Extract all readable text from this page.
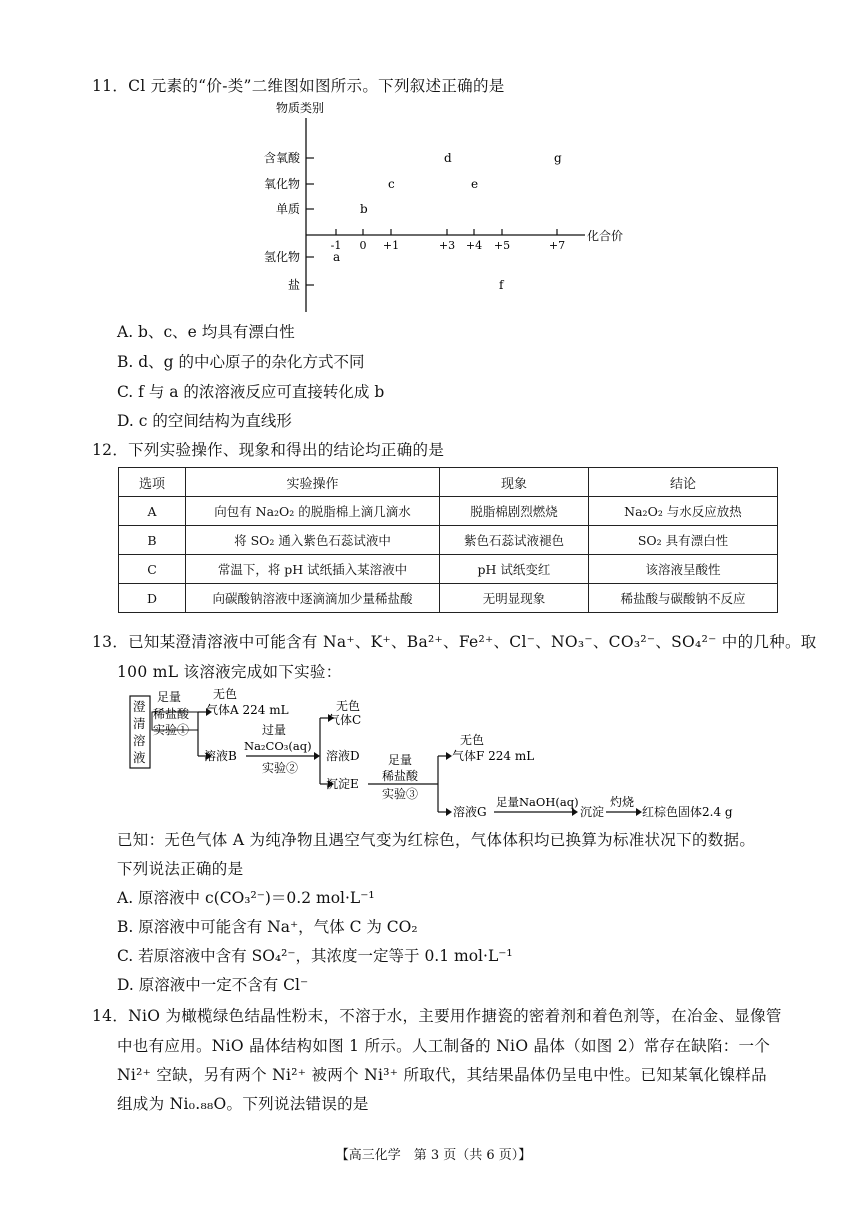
11．Cl 元素的“价-类”二维图如图所示。下列叙述正确的是
物质类别
化合价
含氧酸
氧化物
单质
氢化物
盐
-1 0 +1	+3 +4 +5	+7
a
b
c
d
e
f
g
A. b、c、e 均具有漂白性
B. d、g 的中心原子的杂化方式不同
C. f 与 a 的浓溶液反应可直接转化成 b
D. c 的空间结构为直线形
12．下列实验操作、现象和得出的结论均正确的是
选项	实验操作	现象	结论
A	向包有 Na₂O₂ 的脱脂棉上滴几滴水	脱脂棉剧烈燃烧	Na₂O₂ 与水反应放热
B	将 SO₂ 通入紫色石蕊试液中	紫色石蕊试液褪色	SO₂ 具有漂白性
C	常温下，将 pH 试纸插入某溶液中	pH 试纸变红	该溶液呈酸性
D	向碳酸钠溶液中逐滴滴加少量稀盐酸	无明显现象	稀盐酸与碳酸钠不反应
13．已知某澄清溶液中可能含有 Na⁺、K⁺、Ba²⁺、Fe²⁺、Cl⁻、NO₃⁻、CO₃²⁻、SO₄²⁻ 中的几种。取
100 mL 该溶液完成如下实验：
澄清溶液
足量
稀盐酸
实验①
无色
气体A 224 mL
溶液B
过量
Na₂CO₃(aq)
实验②
无色
气体C
溶液D
沉淀E
足量
稀盐酸
实验③
无色
气体F 224 mL
溶液G
足量NaOH(aq)
沉淀
灼烧
红棕色固体2.4 g
已知：无色气体 A 为纯净物且遇空气变为红棕色，气体体积均已换算为标准状况下的数据。
下列说法正确的是
A. 原溶液中 c(CO₃²⁻)＝0.2 mol·L⁻¹
B. 原溶液中可能含有 Na⁺，气体 C 为 CO₂
C. 若原溶液中含有 SO₄²⁻，其浓度一定等于 0.1 mol·L⁻¹
D. 原溶液中一定不含有 Cl⁻
14．NiO 为橄榄绿色结晶性粉末，不溶于水，主要用作搪瓷的密着剂和着色剂等，在冶金、显像管
中也有应用。NiO 晶体结构如图 1 所示。人工制备的 NiO 晶体（如图 2）常存在缺陷：一个
Ni²⁺ 空缺，另有两个 Ni²⁺ 被两个 Ni³⁺ 所取代，其结果晶体仍呈电中性。已知某氧化镍样品
组成为 Ni₀.₈₈O。下列说法错误的是
【高三化学　第 3 页（共 6 页）】
